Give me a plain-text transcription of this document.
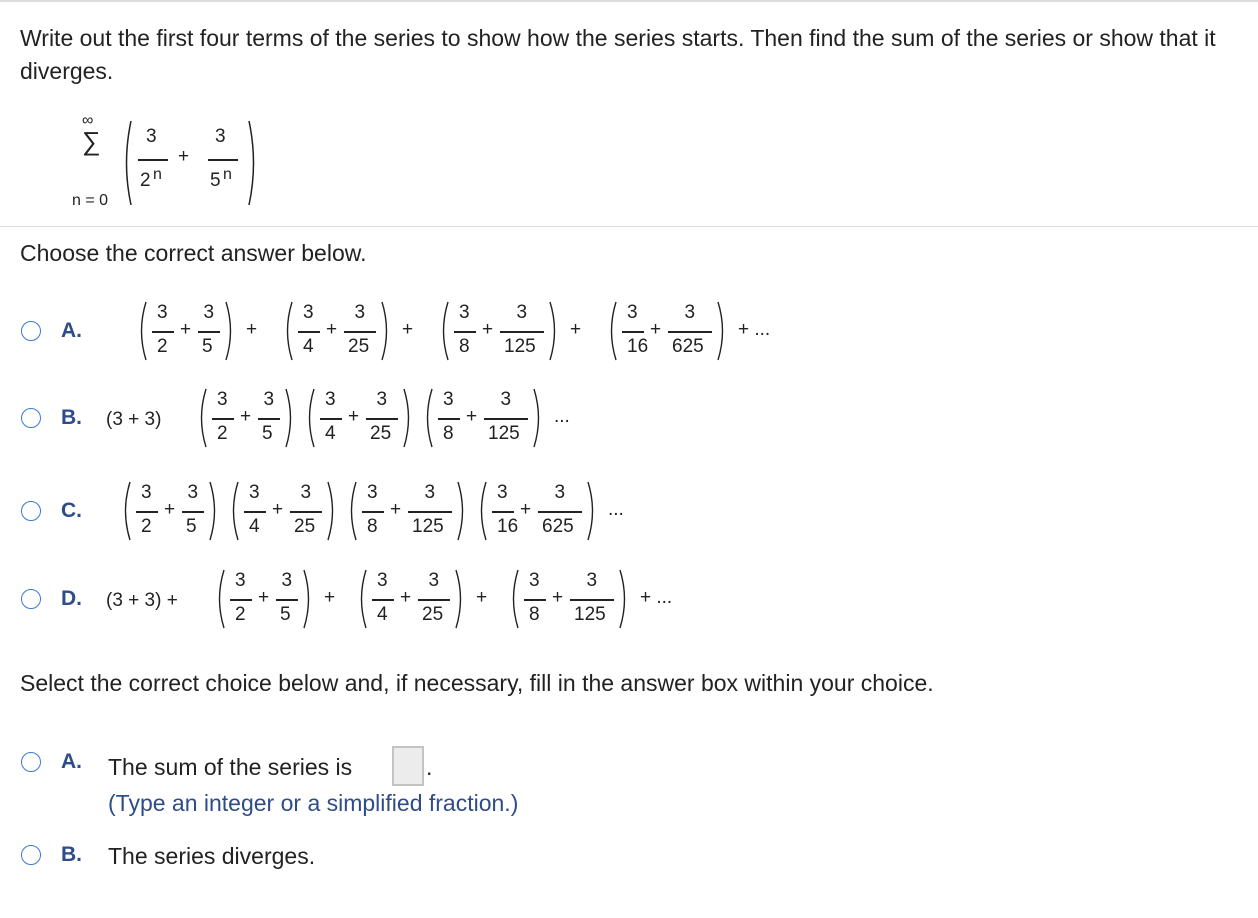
Write out the first four terms of the series to show how the series starts. Then find the sum of the series or show that it diverges.
∞
∑
n = 0
3
2 n
+
3
5 n
Choose the correct answer below.
A.
3
2
+
3
5
+
3
4
+
3
25
+
3
8
+
3
125
+
3
16
+
3
625
+ ...
B. (3 + 3)
3
2
+
3
5
3
4
+
3
25
3
8
+
3
125
...
C.
3
2
+
3
5
3
4
+
3
25
3
8
+
3
125
3
16
+
3
625
...
D. (3 + 3) +
3
2
+
3
5
+
3
4
+
3
25
+
3
8
+
3
125
+ ...
Select the correct choice below and, if necessary, fill in the answer box within your choice.
A. The sum of the series is	.
(Type an integer or a simplified fraction.)
B. The series diverges.
